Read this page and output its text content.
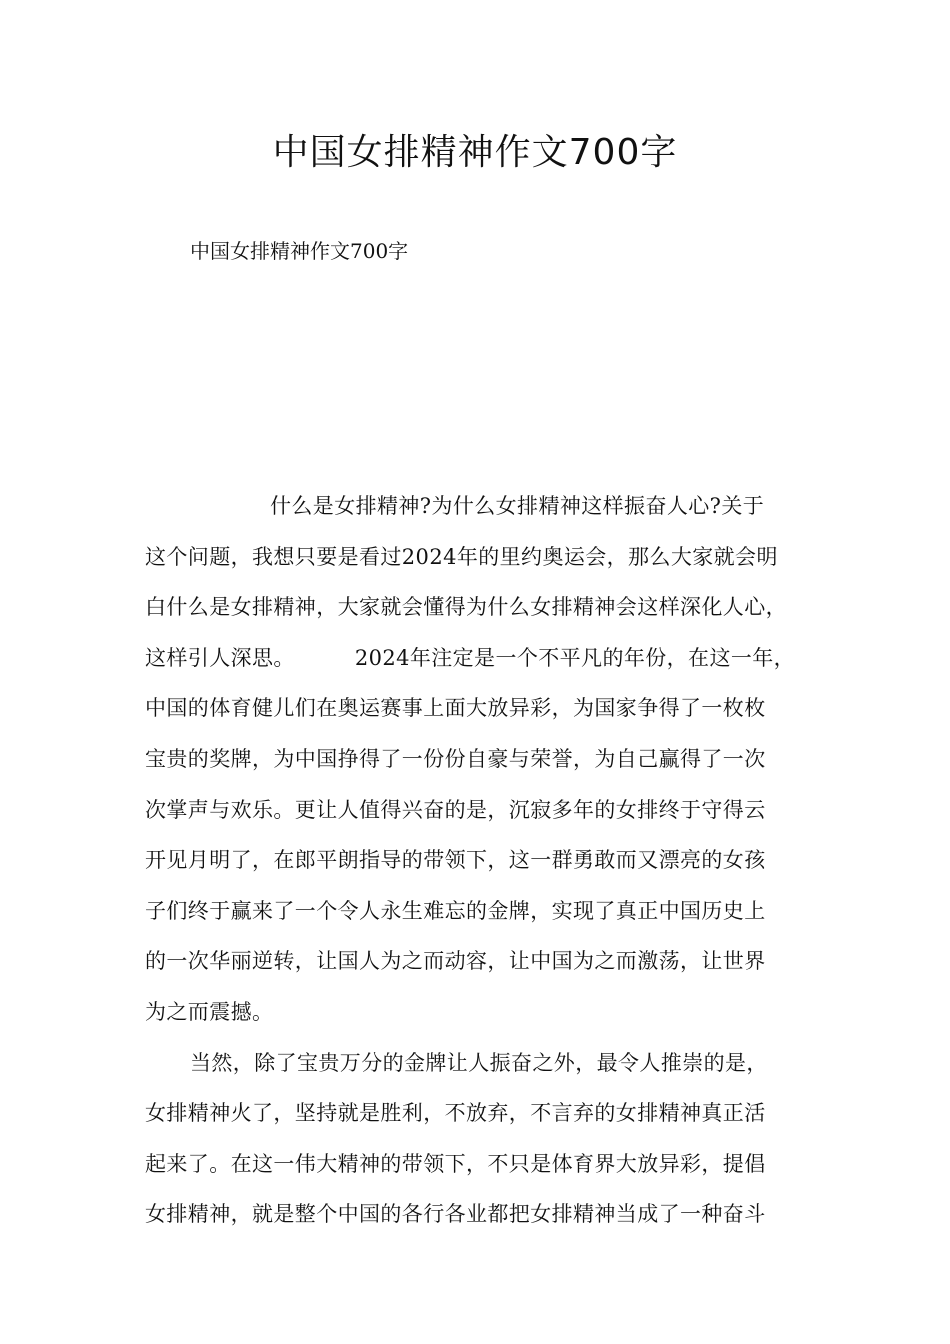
中国女排精神作文700字

中国女排精神作文700字

什么是女排精神?为什么女排精神这样振奋人心?关于
这个问题，我想只要是看过2024年的里约奥运会，那么大家就会明
白什么是女排精神，大家就会懂得为什么女排精神会这样深化人心，
这样引人深思。	2024年注定是一个不平凡的年份，在这一年，
中国的体育健儿们在奥运赛事上面大放异彩，为国家争得了一枚枚
宝贵的奖牌，为中国挣得了一份份自豪与荣誉，为自己赢得了一次
次掌声与欢乐。更让人值得兴奋的是，沉寂多年的女排终于守得云
开见月明了，在郎平朗指导的带领下，这一群勇敢而又漂亮的女孩
子们终于赢来了一个令人永生难忘的金牌，实现了真正中国历史上
的一次华丽逆转，让国人为之而动容，让中国为之而激荡，让世界
为之而震撼。
当然，除了宝贵万分的金牌让人振奋之外，最令人推崇的是，
女排精神火了，坚持就是胜利，不放弃，不言弃的女排精神真正活
起来了。在这一伟大精神的带领下，不只是体育界大放异彩，提倡
女排精神，就是整个中国的各行各业都把女排精神当成了一种奋斗
